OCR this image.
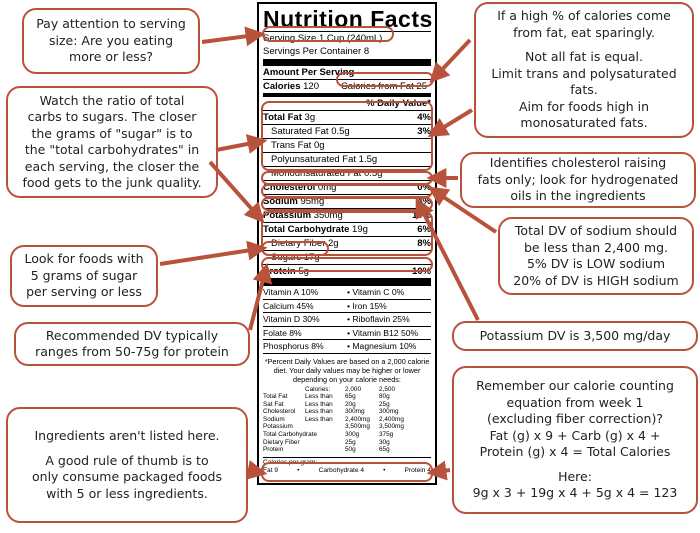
Nutrition Facts
Serving Size 1 Cup (240mL)
Servings Per Container 8
Amount Per Serving
Calories 120 Calories from Fat 25
% Daily Value*
Total Fat 3g	4%
Saturated Fat 0.5g	3%
Trans Fat 0g
Polyunsaturated Fat 1.5g
Monounsaturated Fat 0.5g
Cholesterol 0mg	0%
Sodium 95mg	4%
Potassium 350mg	10%
Total Carbohydrate 19g	6%
Dietary Fiber 2g	8%
Sugars 17g
Protein 5g	10%
Vitamin A 10%	• Vitamin C 0%
Calcium 45%	• Iron 15%
Vitamin D 30%	• Riboflavin 25%
Folate 8%	• Vitamin B12 50%
Phosphorus 8%	• Magnesium 10%
*Percent Daily Values are based on a 2,000 calorie diet. Your daily values may be higher or lower depending on your calorie needs:
Calories:	2,000	2,500
Total Fat	Less than	65g	80g
Sat Fat	Less than	20g	25g
Cholesterol	Less than	300mg	300mg
Sodium	Less than	2,400mg	2,400mg
Potassium	3,500mg	3,500mg
Total Carbohydrate	300g	375g
Dietary Fiber	25g	30g
Protein	50g	65g
Calories per gram:
Fat 9	•	Carbohydrate 4	•	Protein 4
Pay attention to serving
size: Are you eating
more or less?
Watch the ratio of total
carbs to sugars. The closer
the grams of "sugar" is to
the "total carbohydrates" in
each serving, the closer the
food gets to the junk quality.
Look for foods with
5 grams of sugar
per serving or less
Recommended DV typically
ranges from 50-75g for protein
Ingredients aren't listed here.
A good rule of thumb is to
only consume packaged foods
with 5 or less ingredients.
If a high % of calories come
from fat, eat sparingly.
Not all fat is equal.
Limit trans and polysaturated
fats.
Aim for foods high in
monosaturated fats.
Identifies cholesterol raising
fats only; look for hydrogenated
oils in the ingredients
Total DV of sodium should
be less than 2,400 mg.
5% DV is LOW sodium
20% of DV is HIGH sodium
Potassium DV is 3,500 mg/day
Remember our calorie counting
equation from week 1
(excluding fiber correction)?
Fat (g) x 9 + Carb (g) x 4 +
Protein (g) x 4 = Total Calories
Here:
9g x 3 + 19g x 4 + 5g x 4 = 123
